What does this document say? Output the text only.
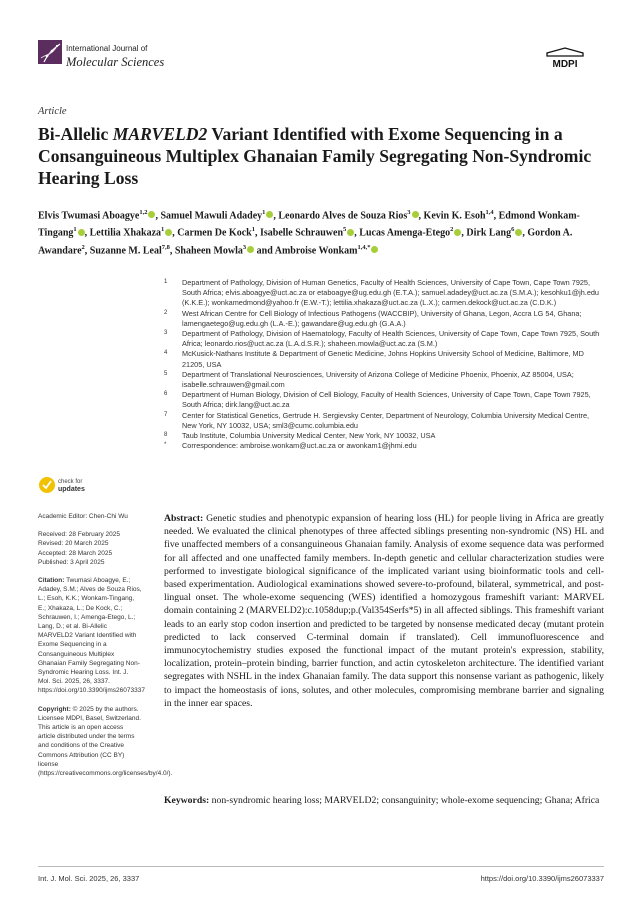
International Journal of
Molecular Sciences	MDPI
Article
Bi-Allelic MARVELD2 Variant Identified with Exome Sequencing in a Consanguineous Multiplex Ghanaian Family Segregating Non-Syndromic Hearing Loss
Elvis Twumasi Aboagye$^{1,2}$ , Samuel Mawuli Adadey$^1$ , Leonardo Alves de Souza Rios$^3$ , Kevin K. Esoh$^{1,4}$, Edmond Wonkam-Tingang$^1$ , Lettilia Xhakaza$^1$ , Carmen De Kock$^1$, Isabelle Schrauwen$^5$ , Lucas Amenga-Etego$^2$ , Dirk Lang$^6$ , Gordon A. Awandare$^2$, Suzanne M. Leal$^{7,8}$, Shaheen Mowla$^3$ and Ambroise Wonkam$^{1,4,*}$
1	Department of Pathology, Division of Human Genetics, Faculty of Health Sciences, University of Cape Town, Cape Town 7925, South Africa; elvis.aboagye@uct.ac.za or etaboagye@ug.edu.gh (E.T.A.); samuel.adadey@uct.ac.za (S.M.A.); kesohku1@jh.edu (K.K.E.); wonkamedmond@yahoo.fr (E.W.-T.); lettilia.xhakaza@uct.ac.za (L.X.); carmen.dekock@uct.ac.za (C.D.K.)
2	West African Centre for Cell Biology of Infectious Pathogens (WACCBIP), University of Ghana, Legon, Accra LG 54, Ghana; lamengaetego@ug.edu.gh (L.A.-E.); gawandare@ug.edu.gh (G.A.A.)
3	Department of Pathology, Division of Haematology, Faculty of Health Sciences, University of Cape Town, Cape Town 7925, South Africa; leonardo.rios@uct.ac.za (L.A.d.S.R.); shaheen.mowla@uct.ac.za (S.M.)
4	McKusick-Nathans Institute & Department of Genetic Medicine, Johns Hopkins University School of Medicine, Baltimore, MD 21205, USA
5	Department of Translational Neurosciences, University of Arizona College of Medicine Phoenix, Phoenix, AZ 85004, USA; isabelle.schrauwen@gmail.com
6	Department of Human Biology, Division of Cell Biology, Faculty of Health Sciences, University of Cape Town, Cape Town 7925, South Africa; dirk.lang@uct.ac.za
7	Center for Statistical Genetics, Gertrude H. Sergievsky Center, Department of Neurology, Columbia University Medical Centre, New York, NY 10032, USA; sml3@cumc.columbia.edu
8	Taub Institute, Columbia University Medical Center, New York, NY 10032, USA
*	Correspondence: ambroise.wonkam@uct.ac.za or awonkam1@jhmi.edu
check for
updates

Academic Editor: Chen-Chi Wu

Received: 28 February 2025

Revised: 20 March 2025

Accepted: 28 March 2025

Published: 3 April 2025

Citation: Twumasi Aboagye, E.; Adadey, S.M.; Alves de Souza Rios, L.; Esoh, K.K.; Wonkam-Tingang, E.; Xhakaza, L.; De Kock, C.; Schrauwen, I.; Amenga-Etego, L.; Lang, D.; et al. Bi-Allelic MARVELD2 Variant Identified with Exome Sequencing in a Consanguineous Multiplex Ghanaian Family Segregating Non-Syndromic Hearing Loss. Int. J. Mol. Sci. 2025, 26, 3337. https://doi.org/10.3390/ijms26073337

Copyright: © 2025 by the authors. Licensee MDPI, Basel, Switzerland. This article is an open access article distributed under the terms and conditions of the Creative Commons Attribution (CC BY) license (https://creativecommons.org/licenses/by/4.0/).

Abstract: Genetic studies and phenotypic expansion of hearing loss (HL) for people living in Africa are greatly needed. We evaluated the clinical phenotypes of three affected siblings presenting non-syndromic (NS) HL and five unaffected members of a consanguineous Ghanaian family. Analysis of exome sequence data was performed for all affected and one unaffected family members. In-depth genetic and cellular characterization studies were performed to investigate biological significance of the implicated variant using bioinformatic tools and cell-based experimentation. Audiological examinations showed severe-to-profound, bilateral, symmetrical, and post-lingual onset. The whole-exome sequencing (WES) identified a homozygous frameshift variant: MARVEL domain containing 2 (MARVELD2):c.1058dup;p.(Val354Serfs*5) in all affected siblings. This frameshift variant leads to an early stop codon insertion and predicted to be targeted by nonsense medicated decay (mutant protein predicted to lack conserved C-terminal domain if translated). Cell immunofluorescence and immunocytochemistry studies exposed the functional impact of the mutant protein's expression, stability, localization, protein–protein binding, barrier function, and actin cytoskeleton architecture. The identified variant segregates with NSHL in the index Ghanaian family. The data support this nonsense variant as pathogenic, likely to impact the homeostasis of ions, solutes, and other molecules, compromising membrane barrier and signaling in the inner ear spaces.
Keywords: non-syndromic hearing loss; MARVELD2; consanguinity; whole-exome sequencing; Ghana; Africa
Int. J. Mol. Sci. 2025, 26, 3337	https://doi.org/10.3390/ijms26073337
